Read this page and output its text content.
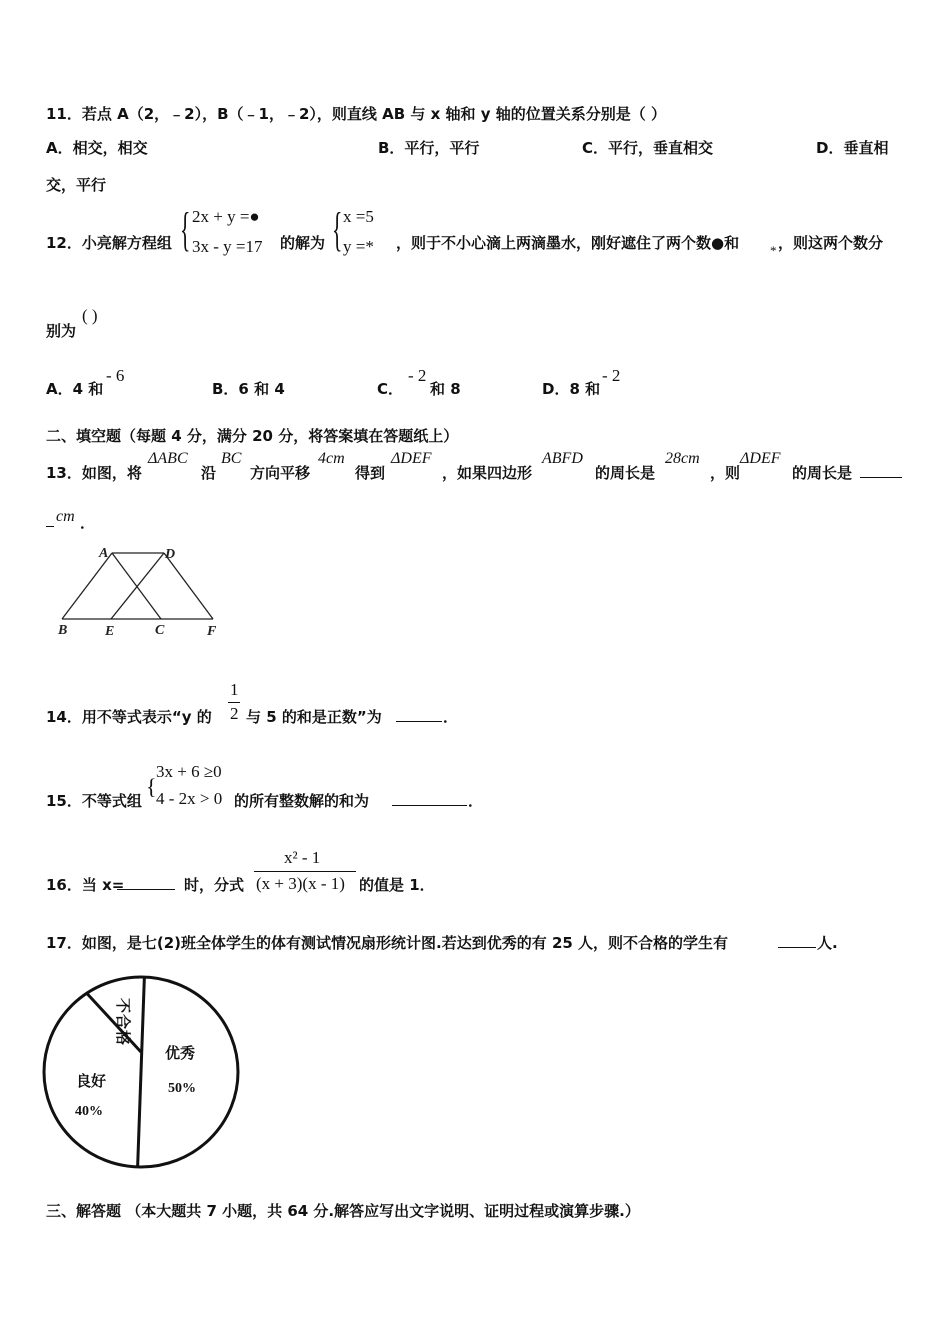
11．若点 A（2，﹣2），B（﹣1，﹣2），则直线 AB 与 x 轴和 y 轴的位置关系分别是（ ）
A．相交，相交	B．平行，平行	C．平行，垂直相交	D．垂直相
交，平行
12．小亮解方程组 { 2x + y =●
3x - y =17 的解为 { x =5
y =* ，则于不小心滴上两滴墨水，刚好遮住了两个数●和 * ，则这两个数分
别为
( )
A．4 和
- 6
B．6 和 4	C．
- 2
和 8	D．8 和
- 2
二、填空题（每题 4 分，满分 20 分，将答案填在答题纸上）
13．如图，将
ΔABC
沿
BC
方向平移
4cm
得到
ΔDEF
，如果四边形
ABFD
的周长是
28cm
，则
ΔDEF
的周长是
cm ．
A	D
B	E	C	F
14．用不等式表示“y 的
1
2 与 5 的和是正数”为	．
15．不等式组
{
3x + 6 ≥0
4 - 2x > 0 的所有整数解的和为	．
16．当 x=	时，分式
x² - 1
(x + 3)(x - 1) 的值是 1．
17．如图，是七(2)班全体学生的体有测试情况扇形统计图.若达到优秀的有 25 人，则不合格的学生有	人.
优秀
50%
良好
40%
不
合
格
三、解答题 （本大题共 7 小题，共 64 分.解答应写出文字说明、证明过程或演算步骤.）
